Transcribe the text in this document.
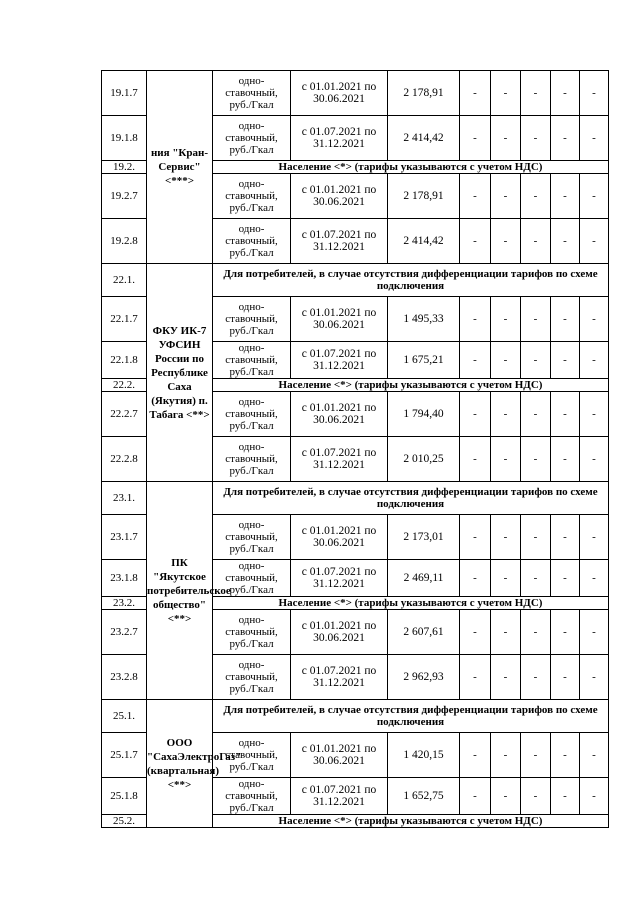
19.1.7	ния "Кран-Сервис" <***>	одно-ставочный, руб./Гкал	с 01.01.2021 по 30.06.2021	2 178,91	-	-	-	-	-
19.1.8		одно-ставочный, руб./Гкал	с 01.07.2021 по 31.12.2021	2 414,42	-	-	-	-	-
19.2.		Население <*> (тарифы указываются с учетом НДС)							
19.2.7		одно-ставочный, руб./Гкал	с 01.01.2021 по 30.06.2021	2 178,91	-	-	-	-	-
19.2.8		одно-ставочный, руб./Гкал	с 01.07.2021 по 31.12.2021	2 414,42	-	-	-	-	-
22.1.	ФКУ ИК-7 УФСИН России по Республике Саха (Якутия) п. Табага <**>	Для потребителей, в случае отсутствия дифференциации тарифов по схеме подключения							
22.1.7		одно-ставочный, руб./Гкал	с 01.01.2021 по 30.06.2021	1 495,33	-	-	-	-	-
22.1.8		одно-ставочный, руб./Гкал	с 01.07.2021 по 31.12.2021	1 675,21	-	-	-	-	-
22.2.		Население <*> (тарифы указываются с учетом НДС)							
22.2.7		одно-ставочный, руб./Гкал	с 01.01.2021 по 30.06.2021	1 794,40	-	-	-	-	-
22.2.8		одно-ставочный, руб./Гкал	с 01.07.2021 по 31.12.2021	2 010,25	-	-	-	-	-
23.1.	ПК "Якутское потребительское общество" <**>	Для потребителей, в случае отсутствия дифференциации тарифов по схеме подключения							
23.1.7		одно-ставочный, руб./Гкал	с 01.01.2021 по 30.06.2021	2 173,01	-	-	-	-	-
23.1.8		одно-ставочный, руб./Гкал	с 01.07.2021 по 31.12.2021	2 469,11	-	-	-	-	-
23.2.		Население <*> (тарифы указываются с учетом НДС)							
23.2.7		одно-ставочный, руб./Гкал	с 01.01.2021 по 30.06.2021	2 607,61	-	-	-	-	-
23.2.8		одно-ставочный, руб./Гкал	с 01.07.2021 по 31.12.2021	2 962,93	-	-	-	-	-
25.1.	ООО "СахаЭлектроГаз" (квартальная) <**>	Для потребителей, в случае отсутствия дифференциации тарифов по схеме подключения							
25.1.7		одно-ставочный, руб./Гкал	с 01.01.2021 по 30.06.2021	1 420,15	-	-	-	-	-
25.1.8		одно-ставочный, руб./Гкал	с 01.07.2021 по 31.12.2021	1 652,75	-	-	-	-	-
25.2.		Население <*> (тарифы указываются с учетом НДС)							
